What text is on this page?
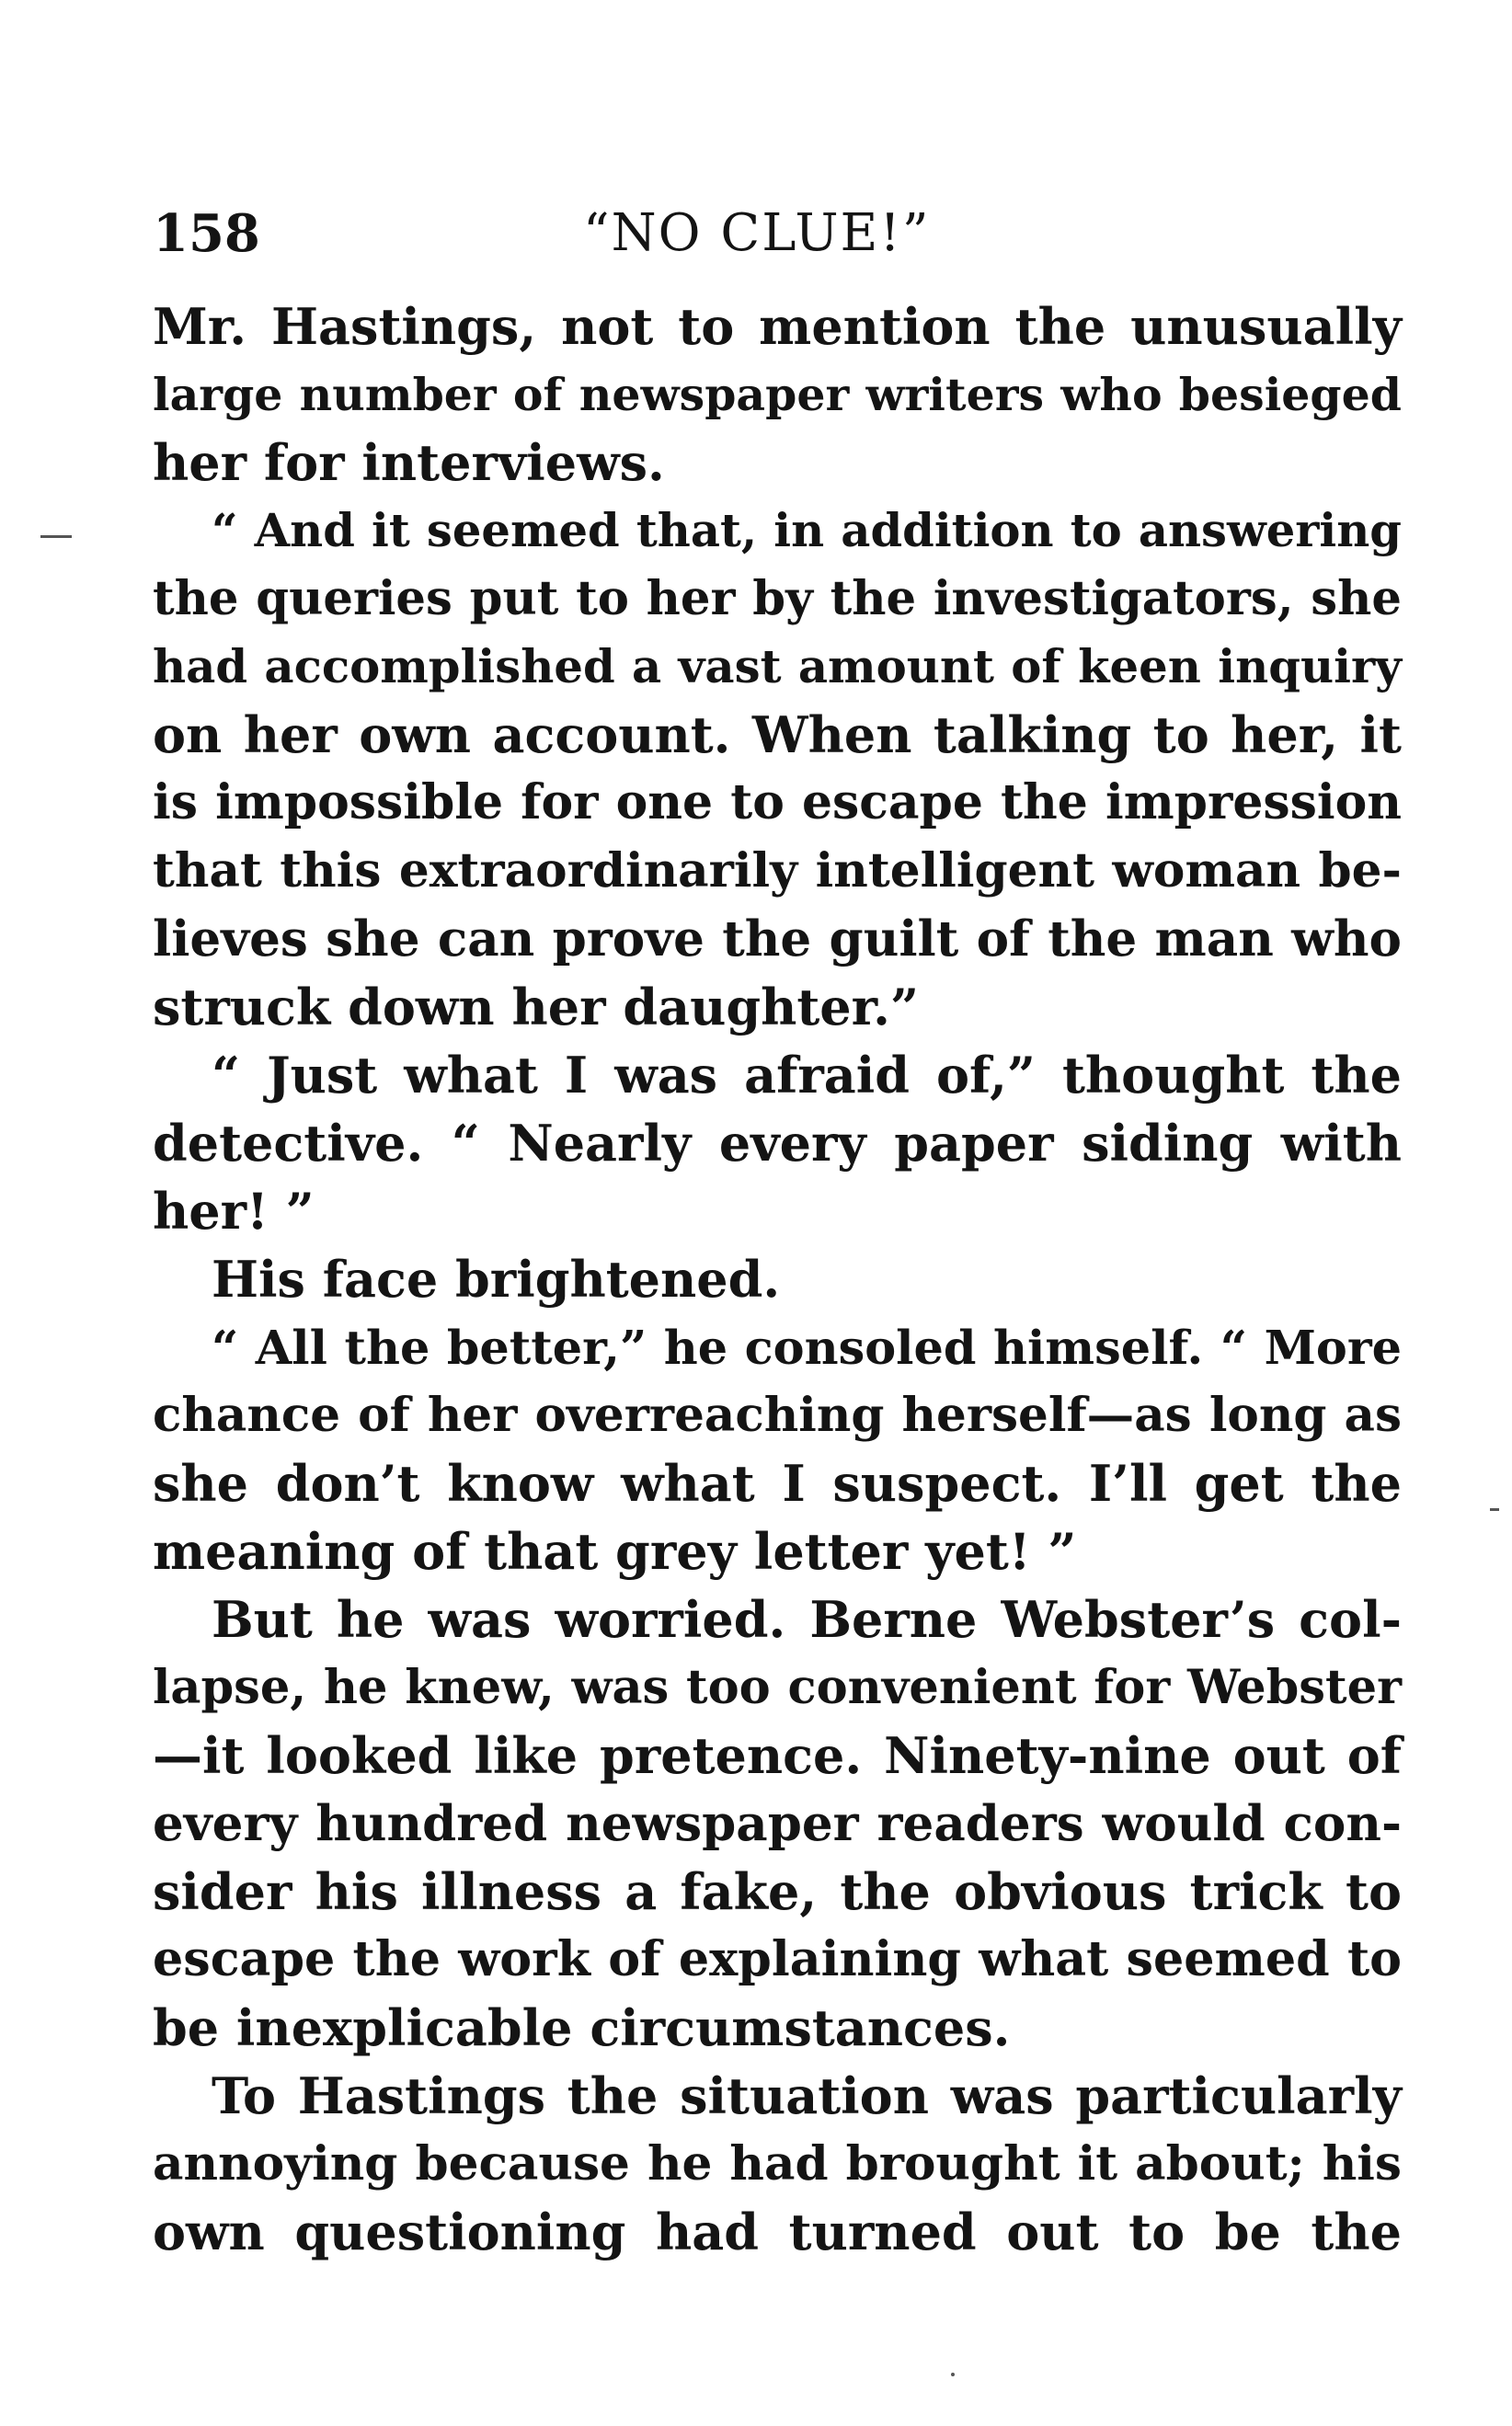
158	“NO CLUE!”
Mr. Hastings, not to mention the unusually
large number of newspaper writers who besieged
her for interviews.
“ And it seemed that, in addition to answering
the queries put to her by the investigators, she
had accomplished a vast amount of keen inquiry
on her own account. When talking to her, it
is impossible for one to escape the impression
that this extraordinarily intelligent woman be-
lieves she can prove the guilt of the man who
struck down her daughter.”
“ Just what I was afraid of,” thought the
detective. “ Nearly every paper siding with
her! ”
His face brightened.
“ All the better,” he consoled himself. “ More
chance of her overreaching herself—as long as
she don’t know what I suspect. I’ll get the
meaning of that grey letter yet! ”
But he was worried. Berne Webster’s col-
lapse, he knew, was too convenient for Webster
—it looked like pretence. Ninety-nine out of
every hundred newspaper readers would con-
sider his illness a fake, the obvious trick to
escape the work of explaining what seemed to
be inexplicable circumstances.
To Hastings the situation was particularly
annoying because he had brought it about; his
own questioning had turned out to be the
